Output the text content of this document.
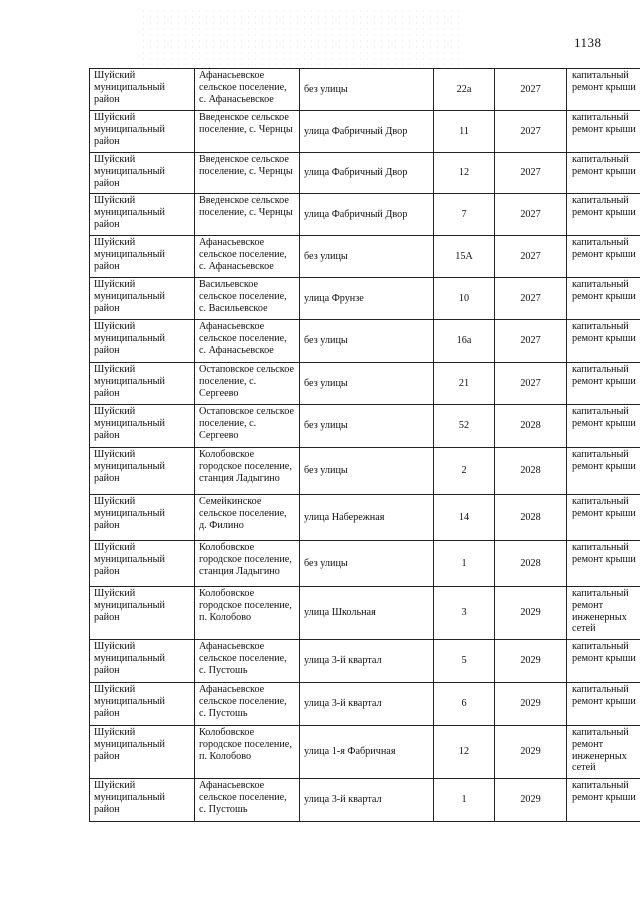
1138
Шуйский муниципальный район	Афанасьевское сельское поселение, с. Афанасьевское	без улицы	22а	2027	капитальный ремонт крыши
Шуйский муниципальный район	Введенское сельское поселение, с. Чернцы	улица Фабричный Двор	11	2027	капитальный ремонт крыши
Шуйский муниципальный район	Введенское сельское поселение, с. Чернцы	улица Фабричный Двор	12	2027	капитальный ремонт крыши
Шуйский муниципальный район	Введенское сельское поселение, с. Чернцы	улица Фабричный Двор	7	2027	капитальный ремонт крыши
Шуйский муниципальный район	Афанасьевское сельское поселение, с. Афанасьевское	без улицы	15А	2027	капитальный ремонт крыши
Шуйский муниципальный район	Васильевское сельское поселение, с. Васильевское	улица Фрунзе	10	2027	капитальный ремонт крыши
Шуйский муниципальный район	Афанасьевское сельское поселение, с. Афанасьевское	без улицы	16а	2027	капитальный ремонт крыши
Шуйский муниципальный район	Остаповское сельское поселение, с. Сергеево	без улицы	21	2027	капитальный ремонт крыши
Шуйский муниципальный район	Остаповское сельское поселение, с. Сергеево	без улицы	52	2028	капитальный ремонт крыши
Шуйский муниципальный район	Колобовское городское поселение, станция Ладыгино	без улицы	2	2028	капитальный ремонт крыши
Шуйский муниципальный район	Семейкинское сельское поселение, д. Филино	улица Набережная	14	2028	капитальный ремонт крыши
Шуйский муниципальный район	Колобовское городское поселение, станция Ладыгино	без улицы	1	2028	капитальный ремонт крыши
Шуйский муниципальный район	Колобовское городское поселение, п. Колобово	улица Школьная	3	2029	капитальный ремонт инженерных сетей
Шуйский муниципальный район	Афанасьевское сельское поселение, с. Пустошь	улица 3-й квартал	5	2029	капитальный ремонт крыши
Шуйский муниципальный район	Афанасьевское сельское поселение, с. Пустошь	улица 3-й квартал	6	2029	капитальный ремонт крыши
Шуйский муниципальный район	Колобовское городское поселение, п. Колобово	улица 1-я Фабричная	12	2029	капитальный ремонт инженерных сетей
Шуйский муниципальный район	Афанасьевское сельское поселение, с. Пустошь	улица 3-й квартал	1	2029	капитальный ремонт крыши
